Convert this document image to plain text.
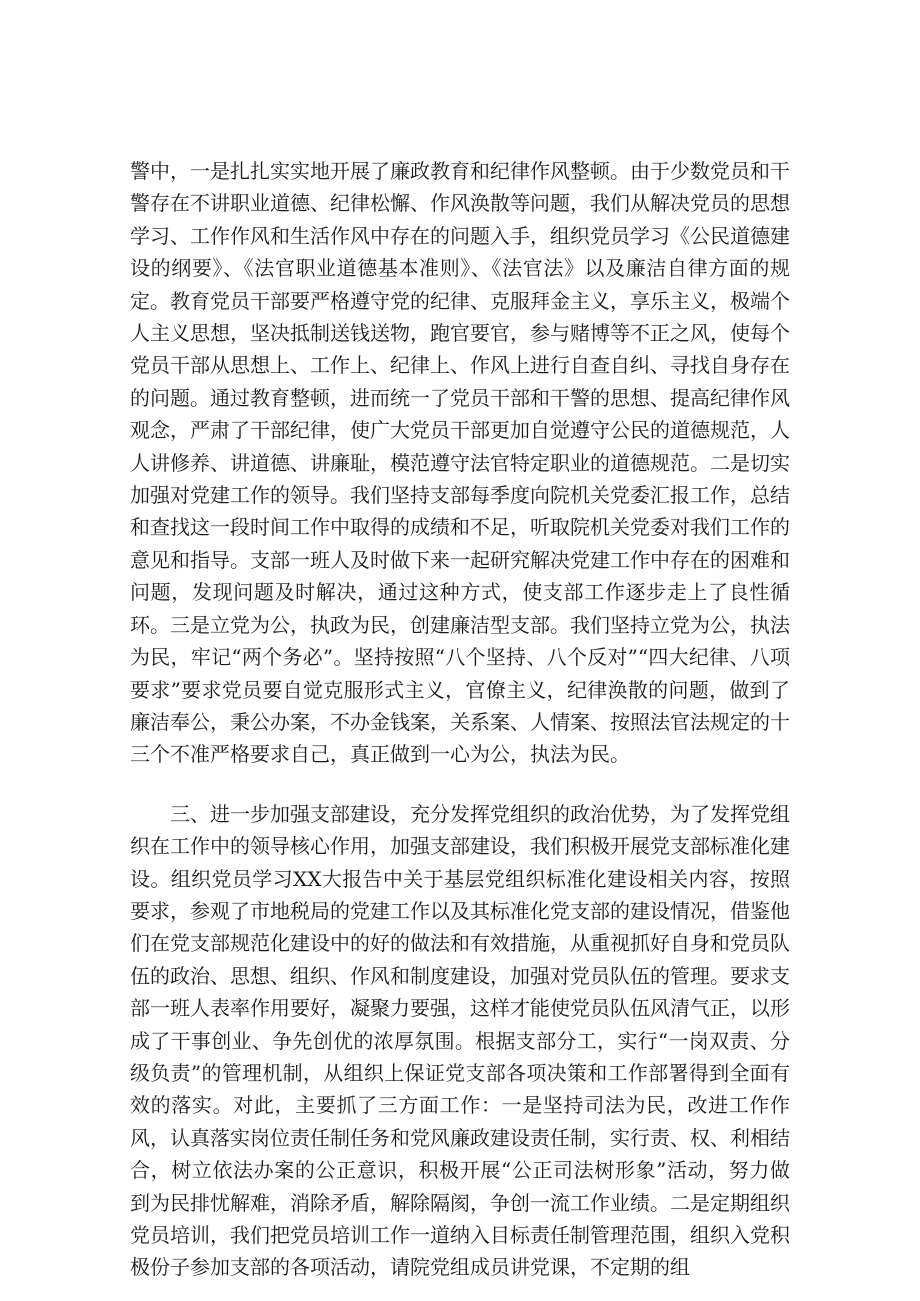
警中，一是扎扎实实地开展了廉政教育和纪律作风整顿。由于少数党员和干警存在不讲职业道德、纪律松懈、作风涣散等问题，我们从解决党员的思想学习、工作作风和生活作风中存在的问题入手，组织党员学习《公民道德建设的纲要》、《法官职业道德基本准则》、《法官法》以及廉洁自律方面的规定。教育党员干部要严格遵守党的纪律、克服拜金主义，享乐主义，极端个人主义思想，坚决抵制送钱送物，跑官要官，参与赌博等不正之风，使每个党员干部从思想上、工作上、纪律上、作风上进行自查自纠、寻找自身存在的问题。通过教育整顿，进而统一了党员干部和干警的思想、提高纪律作风观念，严肃了干部纪律，使广大党员干部更加自觉遵守公民的道德规范，人人讲修养、讲道德、讲廉耻，模范遵守法官特定职业的道德规范。二是切实加强对党建工作的领导。我们坚持支部每季度向院机关党委汇报工作，总结和查找这一段时间工作中取得的成绩和不足，听取院机关党委对我们工作的意见和指导。支部一班人及时做下来一起研究解决党建工作中存在的困难和问题，发现问题及时解决，通过这种方式，使支部工作逐步走上了良性循环。三是立党为公，执政为民，创建廉洁型支部。我们坚持立党为公，执法为民，牢记“两个务必”。坚持按照“八个坚持、八个反对”“四大纪律、八项要求”要求党员要自觉克服形式主义，官僚主义，纪律涣散的问题，做到了廉洁奉公，秉公办案，不办金钱案，关系案、人情案、按照法官法规定的十三个不准严格要求自己，真正做到一心为公，执法为民。

三、进一步加强支部建设，充分发挥党组织的政治优势，为了发挥党组织在工作中的领导核心作用，加强支部建设，我们积极开展党支部标准化建设。组织党员学习XX大报告中关于基层党组织标准化建设相关内容，按照要求，参观了市地税局的党建工作以及其标准化党支部的建设情况，借鉴他们在党支部规范化建设中的好的做法和有效措施，从重视抓好自身和党员队伍的政治、思想、组织、作风和制度建设，加强对党员队伍的管理。要求支部一班人表率作用要好，凝聚力要强，这样才能使党员队伍风清气正，以形成了干事创业、争先创优的浓厚氛围。根据支部分工，实行“一岗双责、分级负责”的管理机制，从组织上保证党支部各项决策和工作部署得到全面有效的落实。对此，主要抓了三方面工作：一是坚持司法为民，改进工作作风，认真落实岗位责任制任务和党风廉政建设责任制，实行责、权、利相结合，树立依法办案的公正意识，积极开展“公正司法树形象”活动，努力做到为民排忧解难，消除矛盾，解除隔阂，争创一流工作业绩。二是定期组织党员培训，我们把党员培训工作一道纳入目标责任制管理范围，组织入党积极份子参加支部的各项活动，请院党组成员讲党课，不定期的组
